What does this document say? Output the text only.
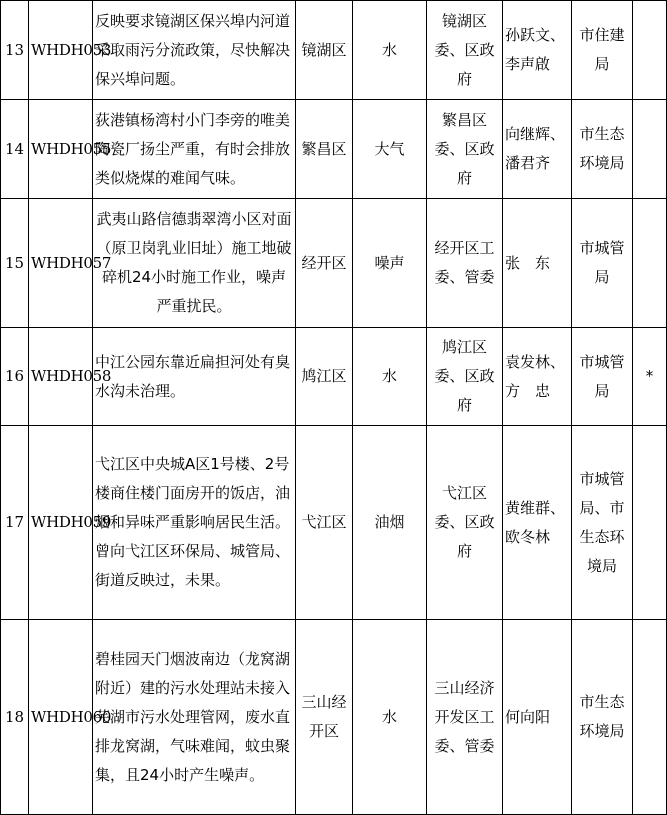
13	WHDH053	反映要求镜湖区保兴埠内河道采取雨污分流政策，尽快解决保兴埠问题。	镜湖区	水	镜湖区委、区政府	孙跃文、李声啟	市住建局	
14	WHDH055	荻港镇杨湾村小门李旁的唯美陶瓷厂扬尘严重，有时会排放类似烧煤的难闻气味。	繁昌区	大气	繁昌区委、区政府	向继辉、潘君齐	市生态环境局	
15	WHDH057	武夷山路信德翡翠湾小区对面（原卫岗乳业旧址）施工地破碎机24小时施工作业，噪声严重扰民。	经开区	噪声	经开区工委、管委	张　东	市城管局	
16	WHDH058	中江公园东靠近扁担河处有臭水沟未治理。	鸠江区	水	鸠江区委、区政府	袁发林、方　忠	市城管局	*
17	WHDH059	弋江区中央城A区1号楼、2号楼商住楼门面房开的饭店，油烟和异味严重影响居民生活。曾向弋江区环保局、城管局、街道反映过，未果。	弋江区	油烟	弋江区委、区政府	黄维群、欧冬林	市城管局、市生态环境局	
18	WHDH060	碧桂园天门烟波南边（龙窝湖附近）建的污水处理站未接入芜湖市污水处理管网，废水直排龙窝湖，气味难闻，蚊虫聚集，且24小时产生噪声。	三山经开区	水	三山经济开发区工委、管委	何向阳	市生态环境局	
